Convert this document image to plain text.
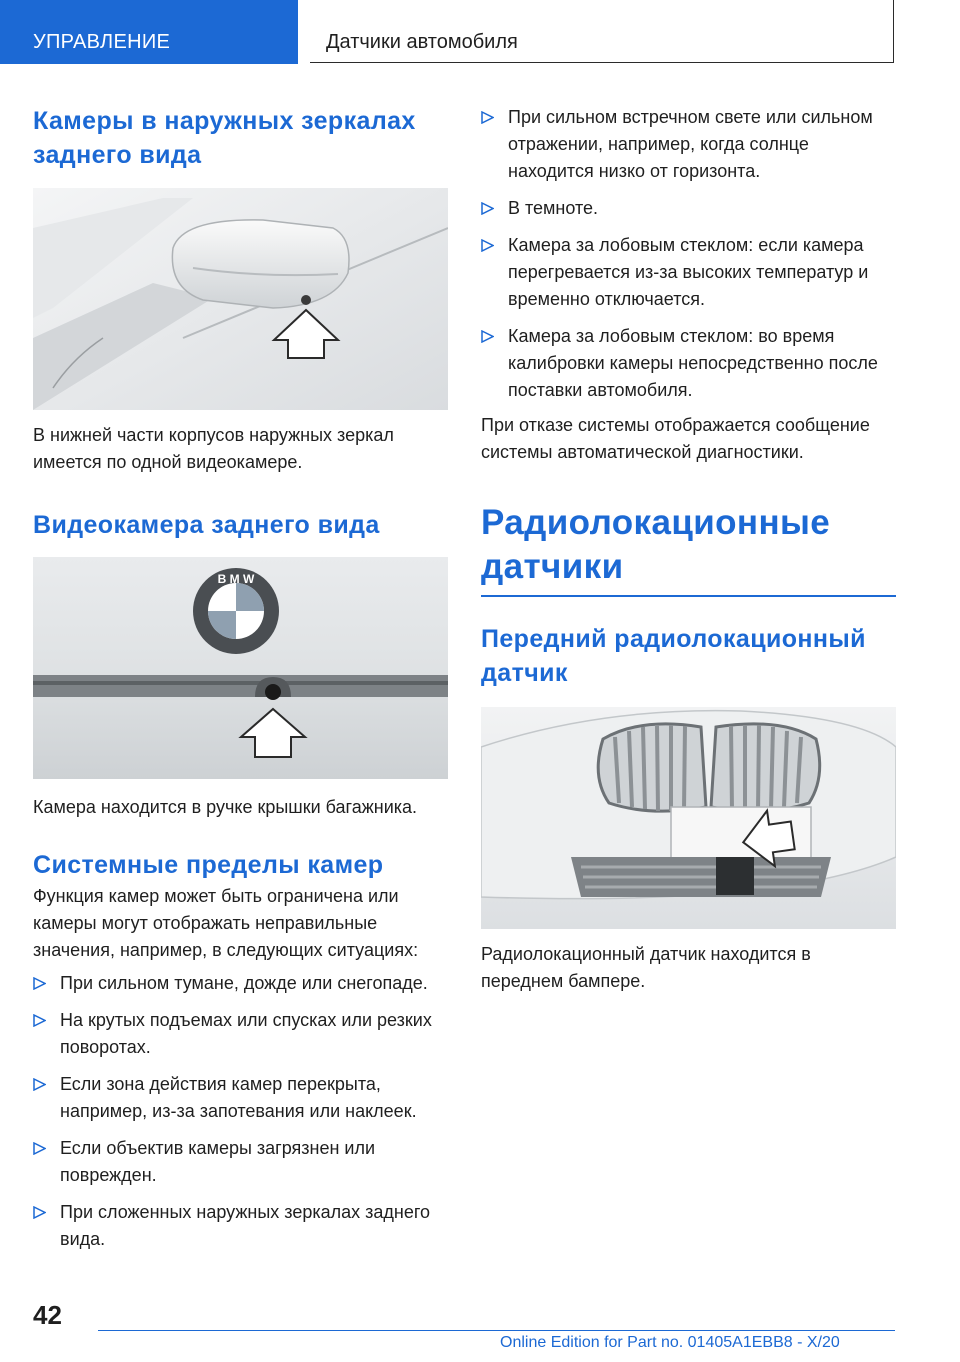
УПРАВЛЕНИЕ	Датчики автомобиля
Камеры в наружных зеркалах заднего вида

В нижней части корпусов наружных зеркал имеется по одной видеокамере.

Видеокамера заднего вида
B M W

Камера находится в ручке крышки багажника.

Системные пределы камер

Функция камер может быть ограничена или камеры могут отображать неправильные значения, например, в следующих ситуациях:

При сильном тумане, дожде или снегопаде.
На крутых подъемах или спусках или резких поворотах.
Если зона действия камер перекрыта, например, из-за запотевания или наклеек.
Если объектив камеры загрязнен или поврежден.
При сложенных наружных зеркалах заднего вида.
При сильном встречном свете или сильном отражении, например, когда солнце находится низко от горизонта.
В темноте.
Камера за лобовым стеклом: если камера перегревается из-за высоких температур и временно отключается.
Камера за лобовым стеклом: во время калибровки камеры непосредственно после поставки автомобиля.

При отказе системы отображается сообщение системы автоматической диагностики.

Радиолокационные датчики
Передний радиолокационный датчик

Радиолокационный датчик находится в переднем бампере.

42
Online Edition for Part no. 01405A1EBB8 - X/20
